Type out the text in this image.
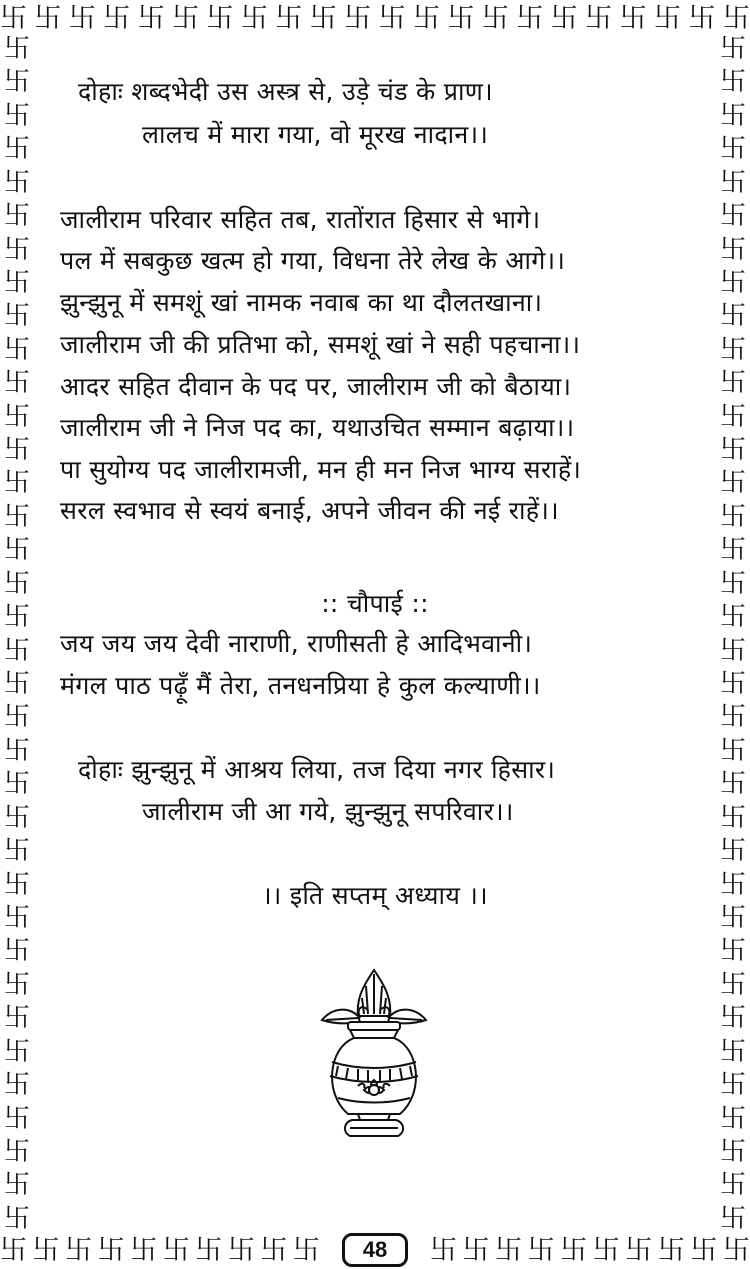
卐 卐 卐 卐 卐 卐 卐 卐 卐 卐 卐 卐 卐 卐 卐 卐 卐 卐 卐 卐 卐 卐
卐
卐
卐
卐
卐
卐
卐
卐
卐
卐
卐
卐
卐
卐
卐
卐
卐
卐
卐
卐
卐
卐
卐
卐
卐
卐
卐
卐
卐
卐
卐
卐
卐
卐
卐
卐
卐
卐
卐
卐
卐
卐
卐
卐
卐
卐
卐
卐
卐
卐
卐
卐
卐
卐
卐
卐
卐
卐
卐
卐
卐
卐
卐
卐
卐
卐
卐
卐
卐
卐
卐
卐
卐 卐 卐 卐 卐 卐 卐 卐 卐 卐	48	卐 卐 卐 卐 卐 卐 卐 卐 卐 卐
दोहाः शब्दभेदी उस अस्त्र से, उड़े चंड के प्राण।
लालच में मारा गया, वो मूरख नादान।।
जालीराम परिवार सहित तब, रातोंरात हिसार से भागे।
पल में सबकुछ खत्म हो गया, विधना तेरे लेख के आगे।।
झुन्झुनू में समशूं खां नामक नवाब का था दौलतखाना।
जालीराम जी की प्रतिभा को, समशूं खां ने सही पहचाना।।
आदर सहित दीवान के पद पर, जालीराम जी को बैठाया।
जालीराम जी ने निज पद का, यथाउचित सम्मान बढ़ाया।।
पा सुयोग्य पद जालीरामजी, मन ही मन निज भाग्य सराहें।
सरल स्वभाव से स्वयं बनाई, अपने जीवन की नई राहें।।
:: चौपाई ::
जय जय जय देवी नाराणी, राणीसती हे आदिभवानी।
मंगल पाठ पढ़ूँ मैं तेरा, तनधनप्रिया हे कुल कल्याणी।।
दोहाः झुन्झुनू में आश्रय लिया, तज दिया नगर हिसार।
जालीराम जी आ गये, झुन्झुनू सपरिवार।।
।। इति सप्तम् अध्याय ।।
